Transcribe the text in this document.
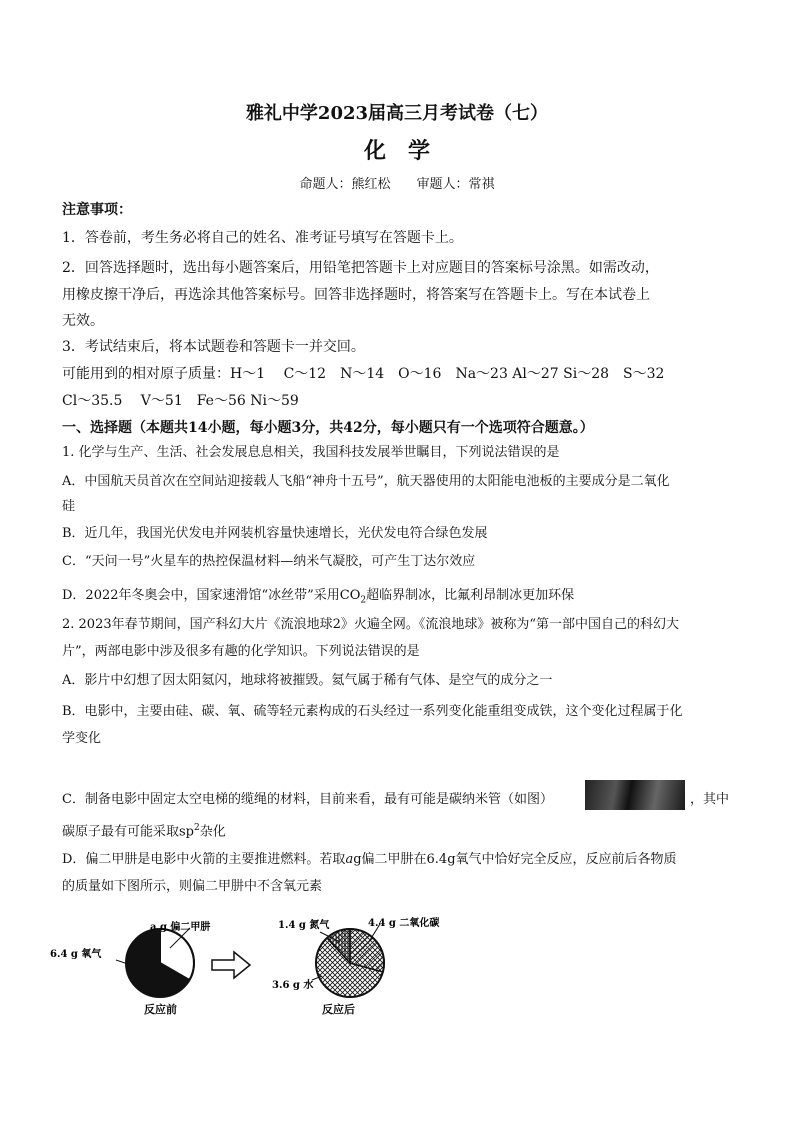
雅礼中学2023届高三月考试卷（七）
化　学
命题人：熊红松　　审题人：常祺
注意事项：
1．答卷前，考生务必将自己的姓名、准考证号填写在答题卡上。
2．回答选择题时，选出每小题答案后，用铅笔把答题卡上对应题目的答案标号涂黑。如需改动，
用橡皮擦干净后，再选涂其他答案标号。回答非选择题时，将答案写在答题卡上。写在本试卷上
无效。
3．考试结束后，将本试题卷和答题卡一并交回。
可能用到的相对原子质量：H～1　 C～12　N～14　O～16　Na～23 Al～27 Si～28　S～32
Cl～35.5　 V～51　Fe～56 Ni～59
一、选择题（本题共14小题，每小题3分，共42分，每小题只有一个选项符合题意。）
1. 化学与生产、生活、社会发展息息相关，我国科技发展举世瞩目，下列说法错误的是
A．中国航天员首次在空间站迎接载人飞船“神舟十五号”，航天器使用的太阳能电池板的主要成分是二氧化
硅
B．近几年，我国光伏发电并网装机容量快速增长，光伏发电符合绿色发展
C．“天问一号”火星车的热控保温材料—纳米气凝胶，可产生丁达尔效应
D．2022年冬奥会中，国家速滑馆“冰丝带”采用$CO_2$超临界制冰，比氟利昂制冰更加环保
2. 2023年春节期间，国产科幻大片《流浪地球2》火遍全网。《流浪地球》被称为“第一部中国自己的科幻大
片”，两部电影中涉及很多有趣的化学知识。下列说法错误的是
A．影片中幻想了因太阳氦闪，地球将被摧毁。氦气属于稀有气体、是空气的成分之一
B．电影中，主要由硅、碳、氧、硫等轻元素构成的石头经过一系列变化能重组变成铁，这个变化过程属于化
学变化
C．制备电影中固定太空电梯的缆绳的材料，目前来看，最有可能是碳纳米管（如图）	，其中
碳原子最有可能采取$sp^2$杂化
D．偏二甲肼是电影中火箭的主要推进燃料。若取ag偏二甲肼在6.4g氧气中恰好完全反应，反应前后各物质
的质量如下图所示，则偏二甲肼中不含氧元素
6.4 g 氧气
a g 偏二甲肼
反应前
1.4 g 氮气	4.4 g 二氧化碳
3.6 g 水
反应后
